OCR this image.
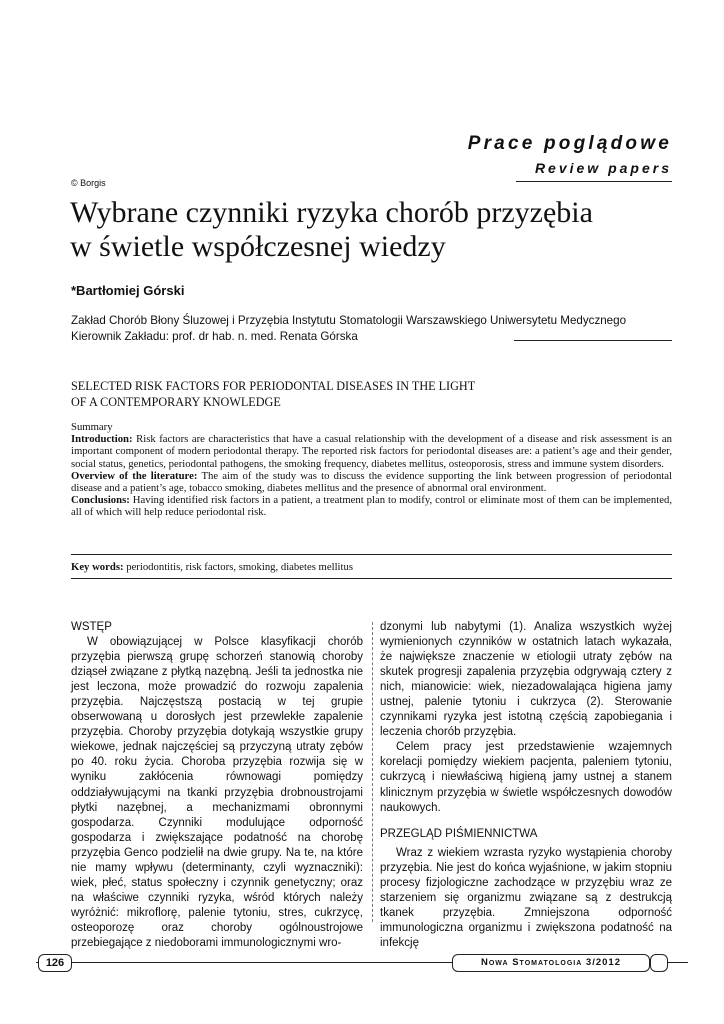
Prace poglądowe
Review papers
© Borgis
Wybrane czynniki ryzyka chorób przyzębia
w świetle współczesnej wiedzy
*Bartłomiej Górski
Zakład Chorób Błony Śluzowej i Przyzębia Instytutu Stomatologii Warszawskiego Uniwersytetu Medycznego
Kierownik Zakładu: prof. dr hab. n. med. Renata Górska
SELECTED RISK FACTORS FOR PERIODONTAL DISEASES IN THE LIGHT
OF A CONTEMPORARY KNOWLEDGE

Summary

Introduction: Risk factors are characteristics that have a casual relationship with the development of a disease and risk assessment is an important component of modern periodontal therapy. The reported risk factors for periodontal diseases are: a patient’s age and their gender, social status, genetics, periodontal pathogens, the smoking frequency, diabetes mellitus, osteoporosis, stress and immune system disorders.

Overview of the literature: The aim of the study was to discuss the evidence supporting the link between progression of periodontal disease and a patient’s age, tobacco smoking, diabetes mellitus and the presence of abnormal oral environment.

Conclusions: Having identified risk factors in a patient, a treatment plan to modify, control or eliminate most of them can be implemented, all of which will help reduce periodontal risk.

Key words: periodontitis, risk factors, smoking, diabetes mellitus
WSTĘP

W obowiązującej w Polsce klasyfikacji chorób przyzębia pierwszą grupę schorzeń stanowią choroby dziąseł związane z płytką nazębną. Jeśli ta jednostka nie jest leczona, może prowadzić do rozwoju zapalenia przyzębia. Najczęstszą postacią w tej grupie obserwowaną u dorosłych jest przewlekłe zapalenie przyzębia. Choroby przyzębia dotykają wszystkie grupy wiekowe, jednak najczęściej są przyczyną utraty zębów po 40. roku życia. Choroba przyzębia rozwija się w wyniku zakłócenia równowagi pomiędzy oddziaływującymi na tkanki przyzębia drobnoustrojami płytki nazębnej, a mechanizmami obronnymi gospodarza. Czynniki modulujące odporność gospodarza i zwiększające podatność na chorobę przyzębia Genco podzielił na dwie grupy. Na te, na które nie mamy wpływu (determinanty, czyli wyznaczniki): wiek, płeć, status społeczny i czynnik genetyczny; oraz na właściwe czynniki ryzyka, wśród których należy wyróżnić: mikroflorę, palenie tytoniu, stres, cukrzycę, osteoporozę oraz choroby ogólnoustrojowe przebiegające z niedoborami immunologicznymi wro-

dzonymi lub nabytymi (1). Analiza wszystkich wyżej wymienionych czynników w ostatnich latach wykazała, że największe znaczenie w etiologii utraty zębów na skutek progresji zapalenia przyzębia odgrywają cztery z nich, mianowicie: wiek, niezadowalająca higiena jamy ustnej, palenie tytoniu i cukrzyca (2). Sterowanie czynnikami ryzyka jest istotną częścią zapobiegania i leczenia chorób przyzębia.

Celem pracy jest przedstawienie wzajemnych korelacji pomiędzy wiekiem pacjenta, paleniem tytoniu, cukrzycą i niewłaściwą higieną jamy ustnej a stanem klinicznym przyzębia w świetle współczesnych dowodów naukowych.

PRZEGLĄD PIŚMIENNICTWA

Wraz z wiekiem wzrasta ryzyko wystąpienia choroby przyzębia. Nie jest do końca wyjaśnione, w jakim stopniu procesy fizjologiczne zachodzące w przyzębiu wraz ze starzeniem się organizmu związane są z destrukcją tkanek przyzębia. Zmniejszona odporność immunologiczna organizmu i zwiększona podatność na infekcję

126	Nowa Stomatologia 3/2012
